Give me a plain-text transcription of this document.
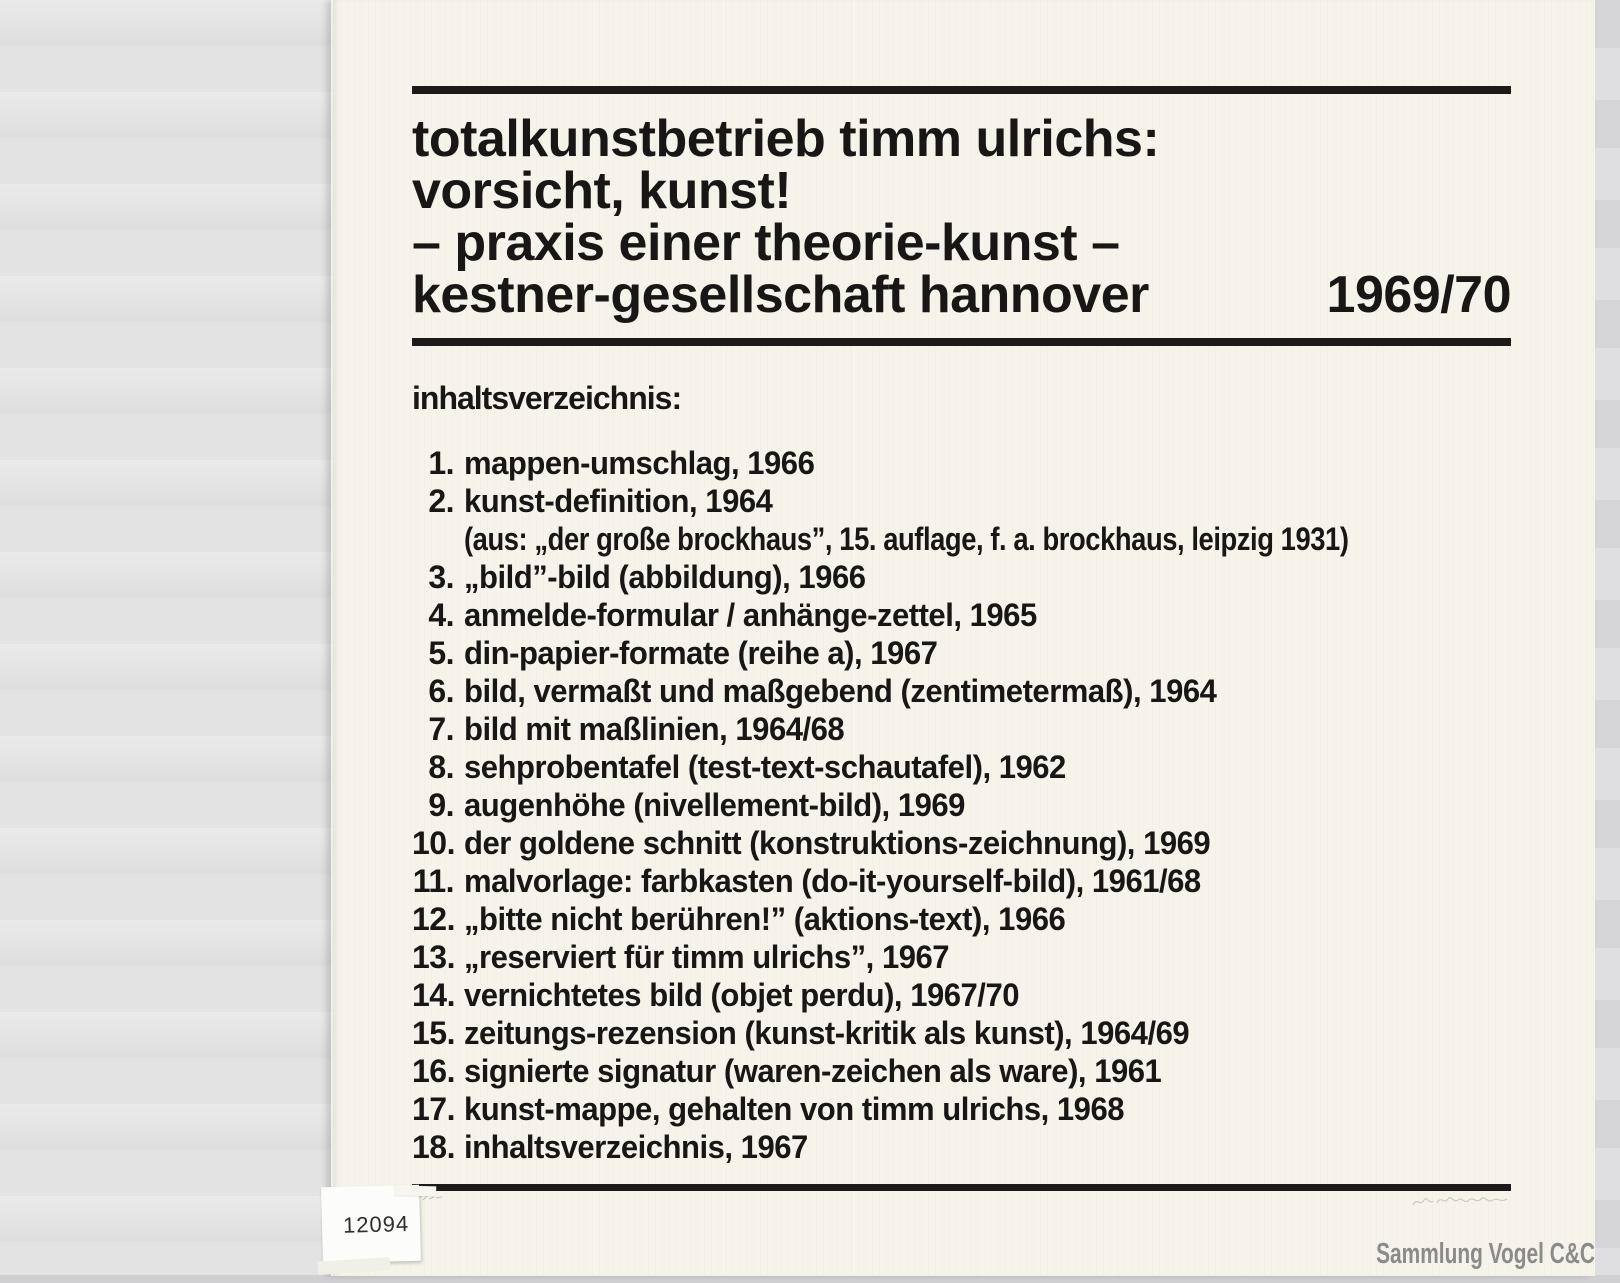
totalkunstbetrieb timm ulrichs:
vorsicht, kunst!
– praxis einer theorie-kunst –
kestner-gesellschaft hannover	1969/70
inhaltsverzeichnis:
1. mappen-umschlag, 1966
2. kunst-definition, 1964
(aus: „der große brockhaus”, 15. auflage, f. a. brockhaus, leipzig 1931)
3. „bild”-bild (abbildung), 1966
4. anmelde-formular / anhänge-zettel, 1965
5. din-papier-formate (reihe a), 1967
6. bild, vermaßt und maßgebend (zentimetermaß), 1964
7. bild mit maßlinien, 1964/68
8. sehprobentafel (test-text-schautafel), 1962
9. augenhöhe (nivellement-bild), 1969
10. der goldene schnitt (konstruktions-zeichnung), 1969
11. malvorlage: farbkasten (do-it-yourself-bild), 1961/68
12. „bitte nicht berühren!” (aktions-text), 1966
13. „reserviert für timm ulrichs”, 1967
14. vernichtetes bild (objet perdu), 1967/70
15. zeitungs-rezension (kunst-kritik als kunst), 1964/69
16. signierte signatur (waren-zeichen als ware), 1961
17. kunst-mappe, gehalten von timm ulrichs, 1968
18. inhaltsverzeichnis, 1967
12094
Sammlung Vogel C&C
